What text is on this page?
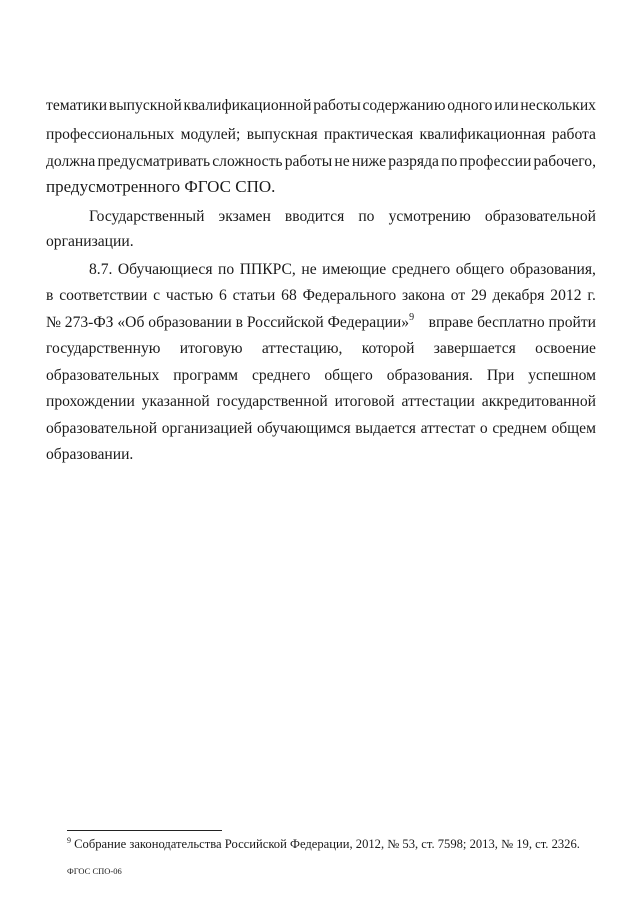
тематики выпускной квалификационной работы содержанию одного или нескольких
профессиональных модулей; выпускная практическая квалификационная работа
должна предусматривать сложность работы не ниже разряда по профессии рабочего,
предусмотренного ФГОС СПО.
Государственный экзамен вводится по усмотрению образовательной
организации.
8.7. Обучающиеся по ППКРС, не имеющие среднего общего образования,
в соответствии с частью 6 статьи 68 Федерального закона от 29 декабря 2012 г.
№ 273-ФЗ «Об образовании в Российской Федерации»$^9$ вправе бесплатно пройти
государственную итоговую аттестацию, которой завершается освоение
образовательных программ среднего общего образования. При успешном
прохождении указанной государственной итоговой аттестации аккредитованной
образовательной организацией обучающимся выдается аттестат о среднем общем
образовании.
$^9$ Собрание законодательства Российской Федерации, 2012, № 53, ст. 7598; 2013, № 19, ст. 2326.
ФГОС СПО-06
